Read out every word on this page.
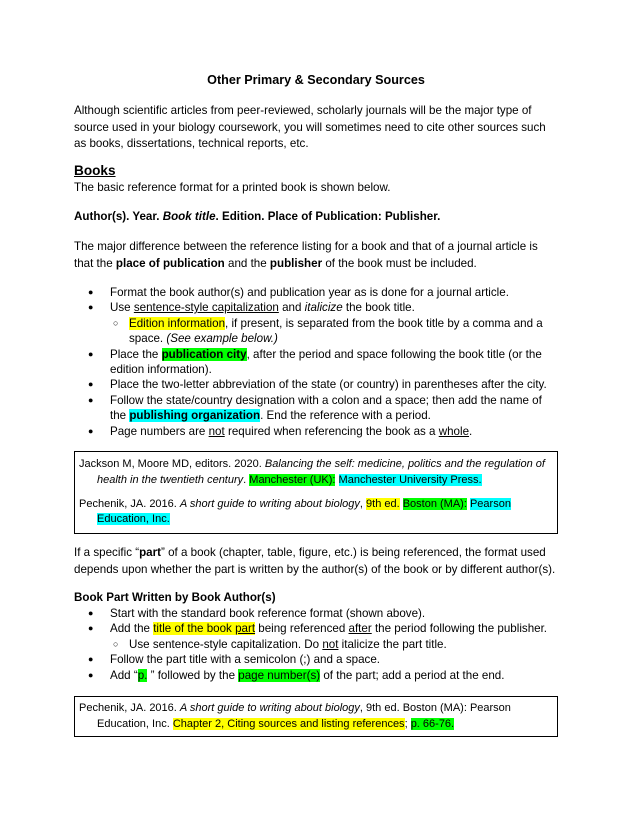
Other Primary & Secondary Sources
Although scientific articles from peer-reviewed, scholarly journals will be the major type of source used in your biology coursework, you will sometimes need to cite other sources such as books, dissertations, technical reports, etc.
Books
The basic reference format for a printed book is shown below.
Author(s). Year. Book title. Edition. Place of Publication: Publisher.
The major difference between the reference listing for a book and that of a journal article is that the place of publication and the publisher of the book must be included.
● Format the book author(s) and publication year as is done for a journal article.
● Use sentence-style capitalization and italicize the book title.
○ Edition information, if present, is separated from the book title by a comma and a space. (See example below.)
● Place the publication city, after the period and space following the book title (or the edition information).
● Place the two-letter abbreviation of the state (or country) in parentheses after the city.
● Follow the state/country designation with a colon and a space; then add the name of the publishing organization. End the reference with a period.
● Page numbers are not required when referencing the book as a whole.
Jackson M, Moore MD, editors. 2020. Balancing the self: medicine, politics and the regulation of health in the twentieth century. Manchester (UK): Manchester University Press.
Pechenik, JA. 2016. A short guide to writing about biology, 9th ed. Boston (MA): Pearson Education, Inc.
If a specific “part” of a book (chapter, table, figure, etc.) is being referenced, the format used depends upon whether the part is written by the author(s) of the book or by different author(s).
Book Part Written by Book Author(s)
● Start with the standard book reference format (shown above).
● Add the title of the book part being referenced after the period following the publisher.
○ Use sentence-style capitalization. Do not italicize the part title.
● Follow the part title with a semicolon (;) and a space.
● Add “p. ” followed by the page number(s) of the part; add a period at the end.
Pechenik, JA. 2016. A short guide to writing about biology, 9th ed. Boston (MA): Pearson Education, Inc. Chapter 2, Citing sources and listing references; p. 66-76.
